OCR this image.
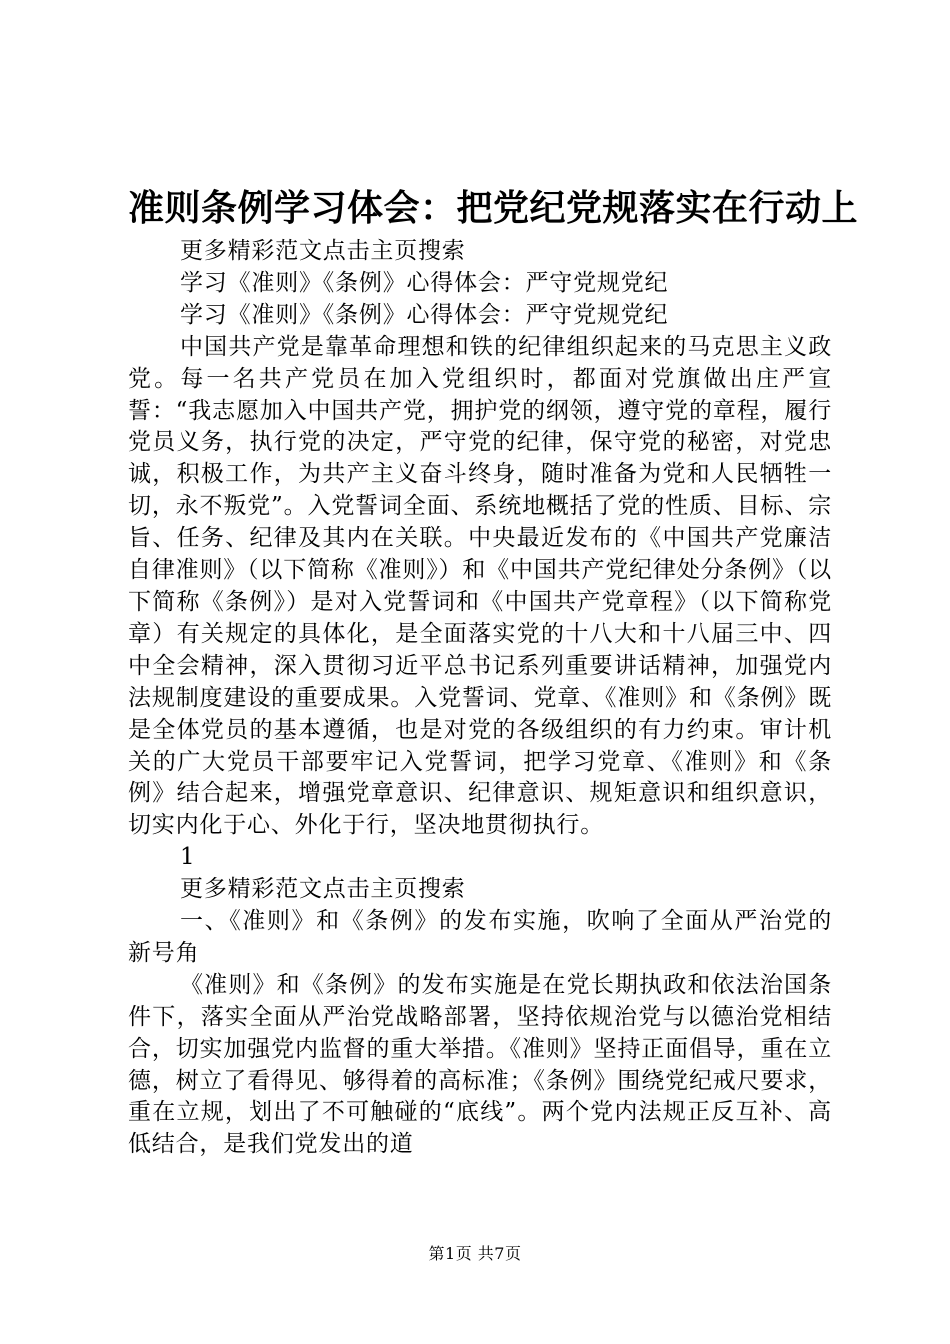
准则条例学习体会：把党纪党规落实在行动上

更多精彩范文点击主页搜索

学习《准则》《条例》心得体会：严守党规党纪

学习《准则》《条例》心得体会：严守党规党纪

中国共产党是靠革命理想和铁的纪律组织起来的马克思主义政党。每一名共产党员在加入党组织时，都面对党旗做出庄严宣誓：“我志愿加入中国共产党，拥护党的纲领，遵守党的章程，履行党员义务，执行党的决定，严守党的纪律，保守党的秘密，对党忠诚，积极工作，为共产主义奋斗终身，随时准备为党和人民牺牲一切，永不叛党”。入党誓词全面、系统地概括了党的性质、目标、宗旨、任务、纪律及其内在关联。中央最近发布的《中国共产党廉洁自律准则》（以下简称《准则》）和《中国共产党纪律处分条例》（以下简称《条例》）是对入党誓词和《中国共产党章程》（以下简称党章）有关规定的具体化，是全面落实党的十八大和十八届三中、四中全会精神，深入贯彻习近平总书记系列重要讲话精神，加强党内法规制度建设的重要成果。入党誓词、党章、《准则》和《条例》既是全体党员的基本遵循，也是对党的各级组织的有力约束。审计机关的广大党员干部要牢记入党誓词，把学习党章、《准则》和《条例》结合起来，增强党章意识、纪律意识、规矩意识和组织意识，切实内化于心、外化于行，坚决地贯彻执行。

1

更多精彩范文点击主页搜索

一、《准则》和《条例》的发布实施，吹响了全面从严治党的新号角

《准则》和《条例》的发布实施是在党长期执政和依法治国条件下，落实全面从严治党战略部署，坚持依规治党与以德治党相结合，切实加强党内监督的重大举措。《准则》坚持正面倡导，重在立德，树立了看得见、够得着的高标准；《条例》围绕党纪戒尺要求，重在立规，划出了不可触碰的“底线”。两个党内法规正反互补、高低结合，是我们党发出的道

第1页 共7页
